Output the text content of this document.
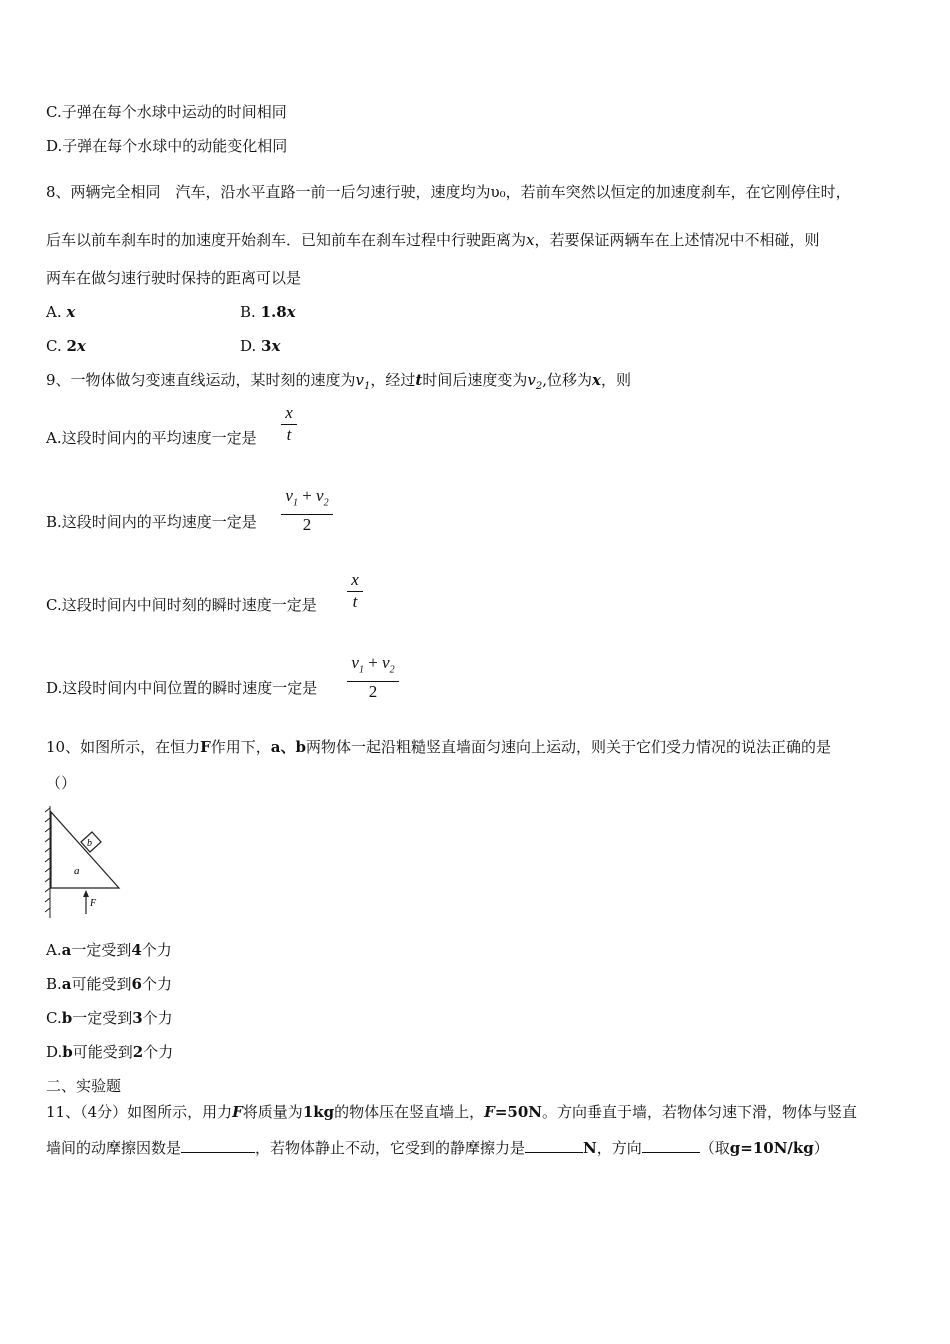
C.子弹在每个水球中运动的时间相同
D.子弹在每个水球中的动能变化相同
8、两辆完全相同　汽车，沿水平直路一前一后匀速行驶，速度均为υ₀，若前车突然以恒定的加速度刹车，在它刚停住时，
后车以前车刹车时的加速度开始刹车．已知前车在刹车过程中行驶距离为x，若要保证两辆车在上述情况中不相碰，则
两车在做匀速行驶时保持的距离可以是
A. x	B. 1.8x
C. 2x	D. 3x
9、一物体做匀变速直线运动，某时刻的速度为$v_1$，经过t时间后速度变为$v_2$,位移为x，则
A.这段时间内的平均速度一定是
x
t
B.这段时间内的平均速度一定是
$v_1 + v_2$
2
C.这段时间内中间时刻的瞬时速度一定是
x
t
D.这段时间内中间位置的瞬时速度一定是
$v_1 + v_2$
2
10、如图所示，在恒力F作用下，a、b两物体一起沿粗糙竖直墙面匀速向上运动，则关于它们受力情况的说法正确的是
（）
b
a
F
A.a一定受到4个力
B.a可能受到6个力
C.b一定受到3个力
D.b可能受到2个力
二、实验题
11、（4分）如图所示，用力F将质量为1kg的物体压在竖直墙上，F=50N。方向垂直于墙，若物体匀速下滑，物体与竖直
墙间的动摩擦因数是	，若物体静止不动，它受到的静摩擦力是	N，方向	（取g=10N/kg）
